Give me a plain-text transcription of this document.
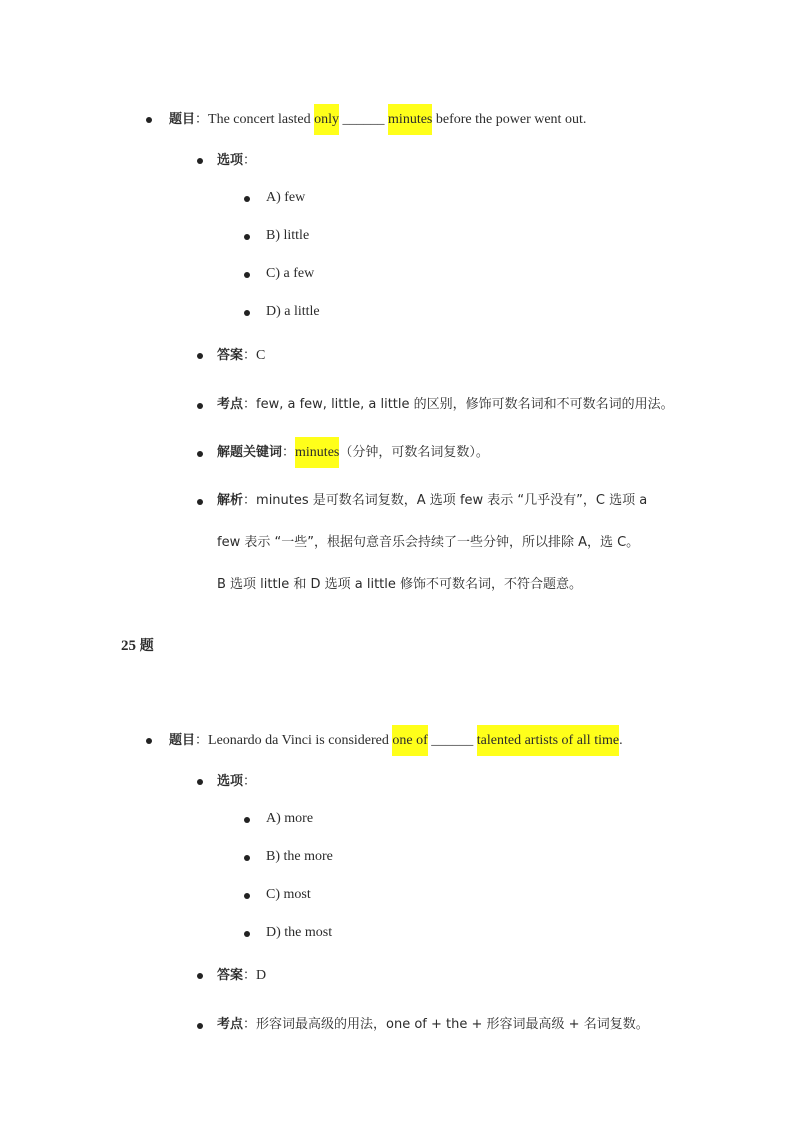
题目：The concert lasted only ______ minutes before the power went out.
选项：
A) few
B) little
C) a few
D) a little
答案：C
考点：few, a few, little, a little 的区别，修饰可数名词和不可数名词的用法。
解题关键词：minutes（分钟，可数名词复数）。
解析：minutes 是可数名词复数，A 选项 few 表示 “几乎没有”，C 选项 a
few 表示 “一些”，根据句意音乐会持续了一些分钟，所以排除 A，选 C。
B 选项 little 和 D 选项 a little 修饰不可数名词，不符合题意。
25 题
题目：Leonardo da Vinci is considered one of ______ talented artists of all time.
选项：
A) more
B) the more
C) most
D) the most
答案：D
考点：形容词最高级的用法，one of + the + 形容词最高级 + 名词复数。
